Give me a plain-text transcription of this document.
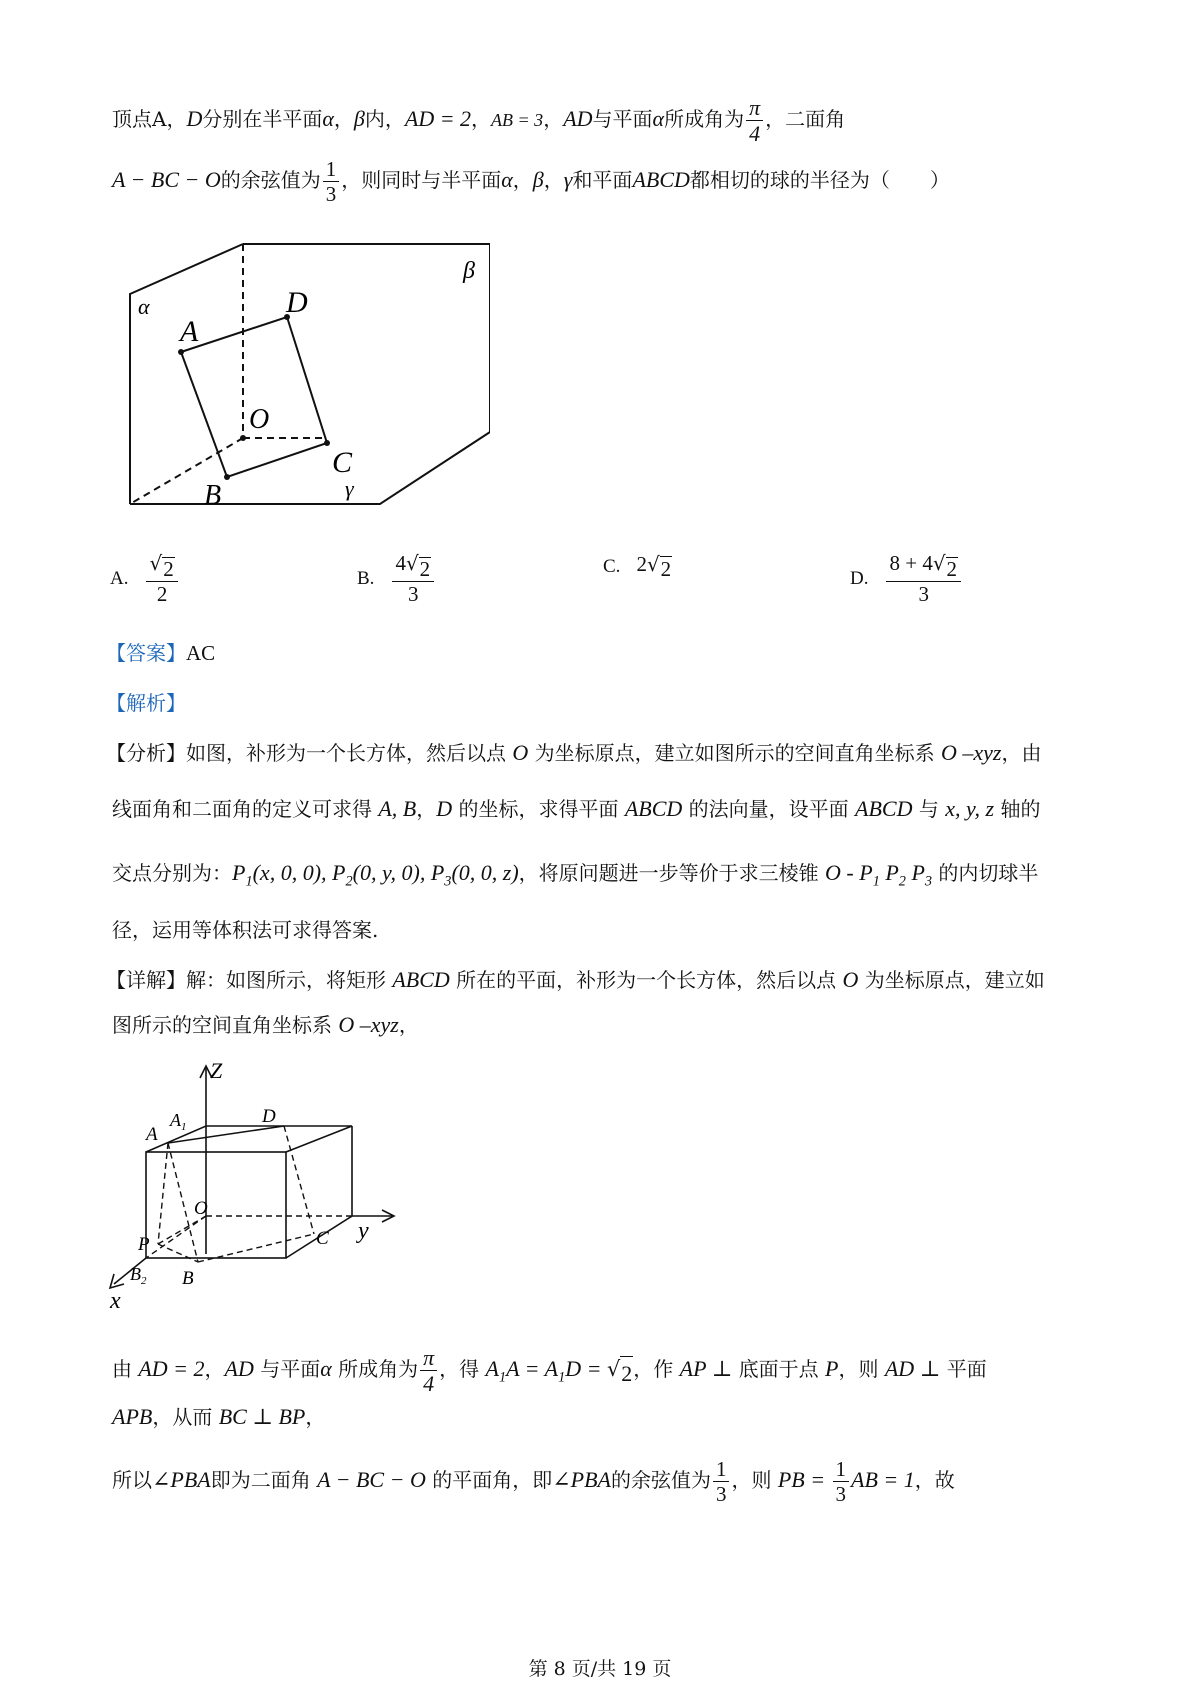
顶点A，D分别在半平面α，β内，AD = 2，AB = 3，AD与平面α所成角为 $\frac{\pi}{4}$ ，二面角
A − BC − O的余弦值为 $\frac{1}{3}$ ，则同时与半平面α，β，γ和平面ABCD都相切的球的半径为（　　）
α
β
γ
A
D
C
B
O
A. $\frac{√ 2}{2}$	B. $\frac{4 √ 2}{3}$	C. 2 √ 2	D. $\frac{8 + 4 √ 2}{3}$
【答案】AC
【解析】
【分析】如图，补形为一个长方体，然后以点 O 为坐标原点，建立如图所示的空间直角坐标系 O –xyz，由
线面角和二面角的定义可求得 A, B，D 的坐标，求得平面 ABCD 的法向量，设平面 ABCD 与 x, y, z 轴的
交点分别为：$P_1(x$, 0, 0), $P_2(0$, y, 0), $P_3(0$, 0, z)，将原问题进一步等价于求三棱锥 O - $P_1$ $P_2$ $P_3$ 的内切球半
径，运用等体积法可求得答案.
【详解】解：如图所示，将矩形 ABCD 所在的平面，补形为一个长方体，然后以点 O 为坐标原点，建立如
图所示的空间直角坐标系 O –xyz，
Z
y
x
$A_1$	D
A
O
P
$B_2$ B
C
由 AD = 2，AD 与平面α 所成角为 $\frac{\pi}{4}$ ，得 $A_1A = A_1D$ = √ 2 ，作 AP ⊥ 底面于点 P，则 AD ⊥ 平面
APB，从而 BC ⊥ BP，
所以∠PBA即为二面角 A − BC − O 的平面角，即∠PBA的余弦值为 $\frac{1}{3}$ ，则 PB = $\frac{1}{3}$ AB = 1，故
第 8 页/共 19 页
